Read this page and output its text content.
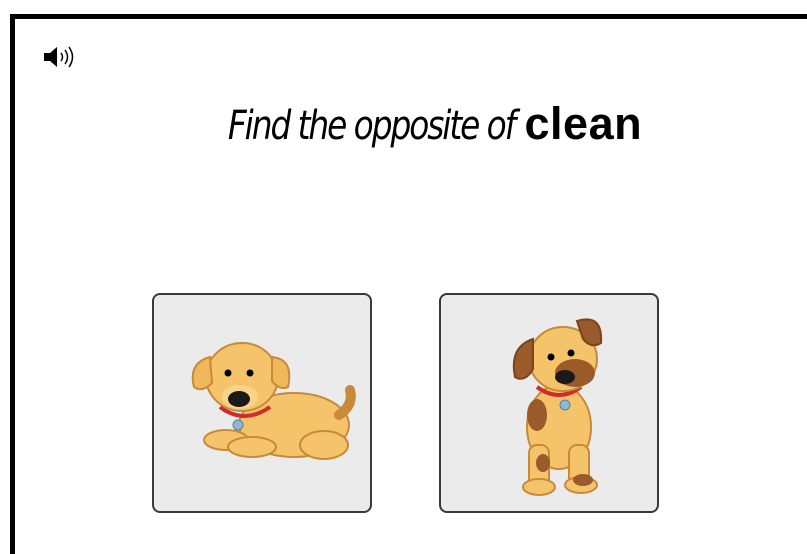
Find the opposite of clean
